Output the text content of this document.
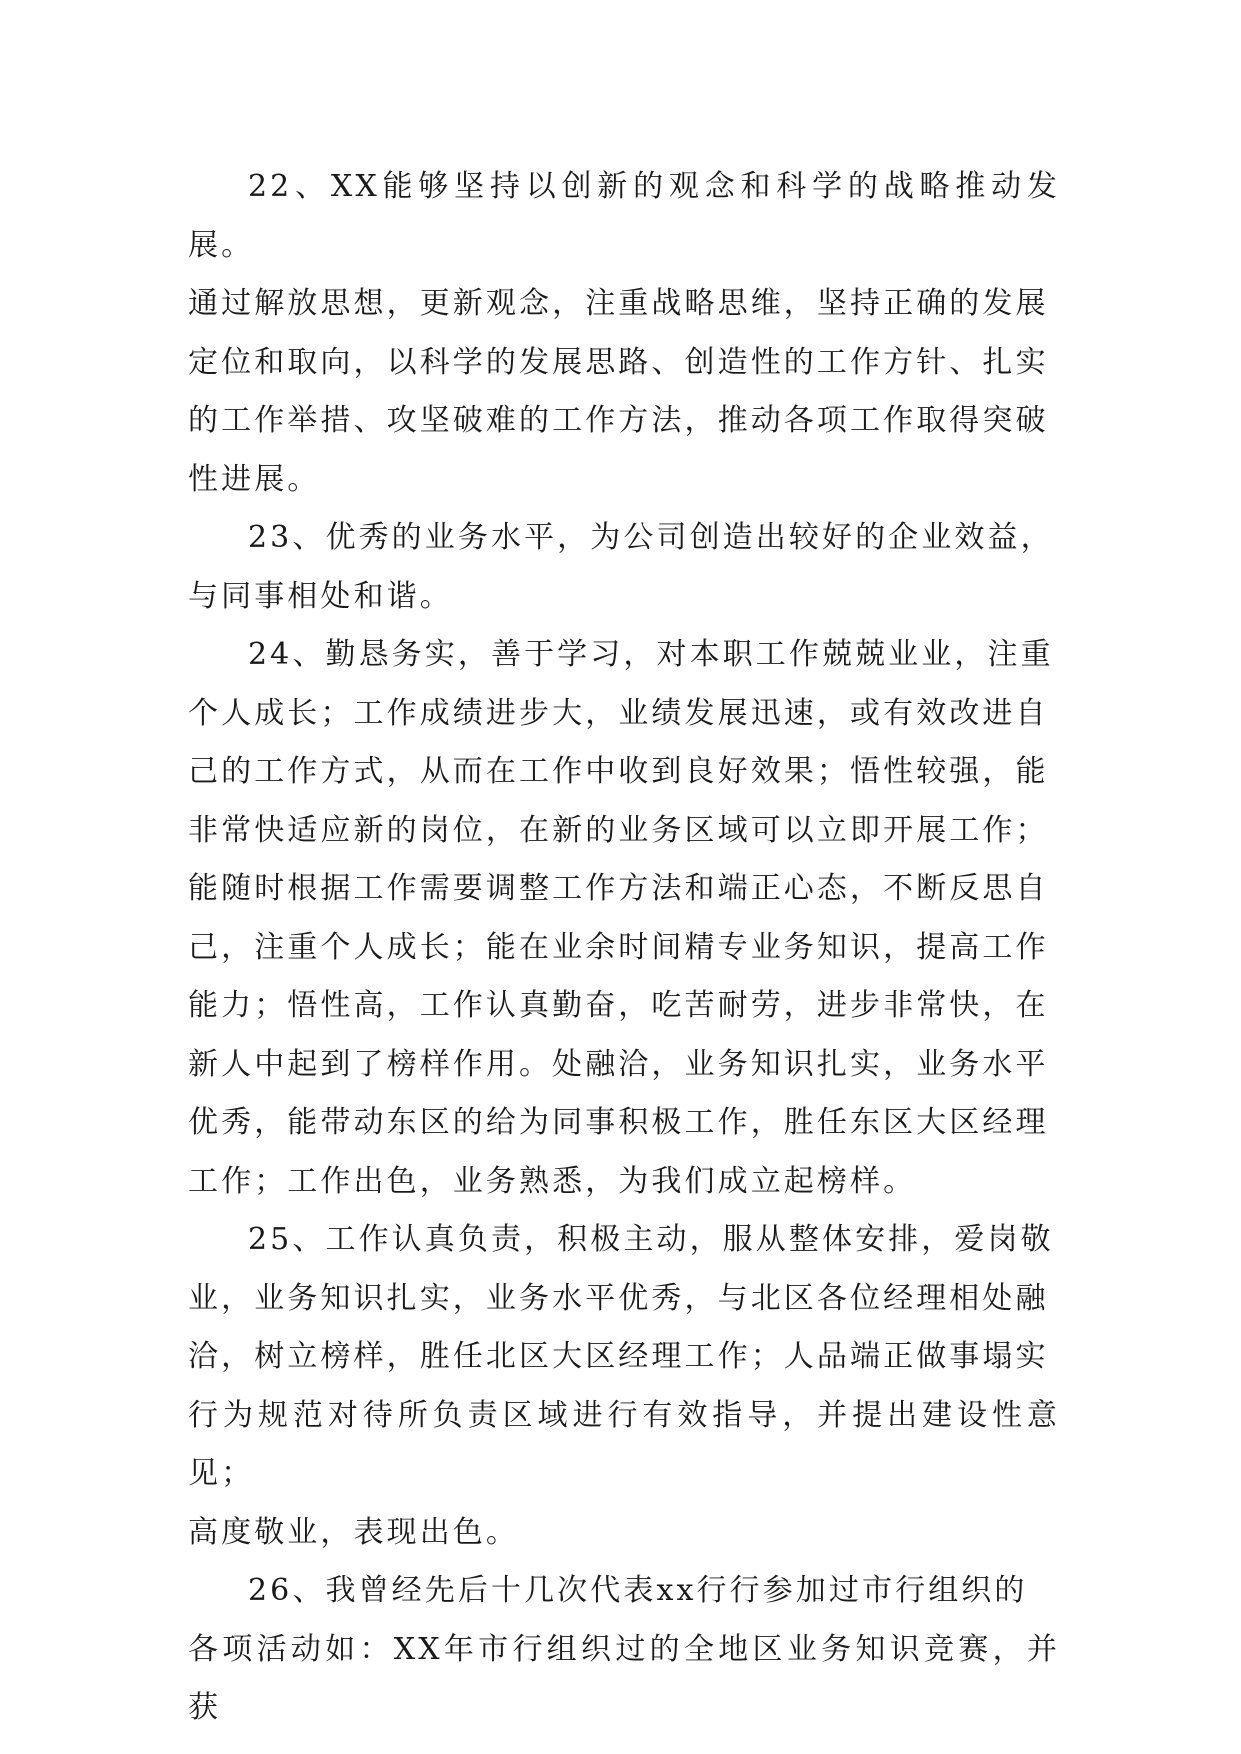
22、XX能够坚持以创新的观念和科学的战略推动发展。
通过解放思想，更新观念，注重战略思维，坚持正确的发展
定位和取向，以科学的发展思路、创造性的工作方针、扎实
的工作举措、攻坚破难的工作方法，推动各项工作取得突破
性进展。

23、优秀的业务水平，为公司创造出较好的企业效益，
与同事相处和谐。

24、勤恳务实，善于学习，对本职工作兢兢业业，注重
个人成长；工作成绩进步大，业绩发展迅速，或有效改进自
己的工作方式，从而在工作中收到良好效果；悟性较强，能
非常快适应新的岗位，在新的业务区域可以立即开展工作；
能随时根据工作需要调整工作方法和端正心态，不断反思自
己，注重个人成长；能在业余时间精专业务知识，提高工作
能力；悟性高，工作认真勤奋，吃苦耐劳，进步非常快，在
新人中起到了榜样作用。处融洽，业务知识扎实，业务水平
优秀，能带动东区的给为同事积极工作，胜任东区大区经理
工作；工作出色，业务熟悉，为我们成立起榜样。

25、工作认真负责，积极主动，服从整体安排，爱岗敬
业，业务知识扎实，业务水平优秀，与北区各位经理相处融
洽，树立榜样，胜任北区大区经理工作；人品端正做事塌实
行为规范对待所负责区域进行有效指导，并提出建设性意见；
高度敬业，表现出色。

26、我曾经先后十几次代表xx行行参加过市行组织的
各项活动如：XX年市行组织过的全地区业务知识竞赛，并获
